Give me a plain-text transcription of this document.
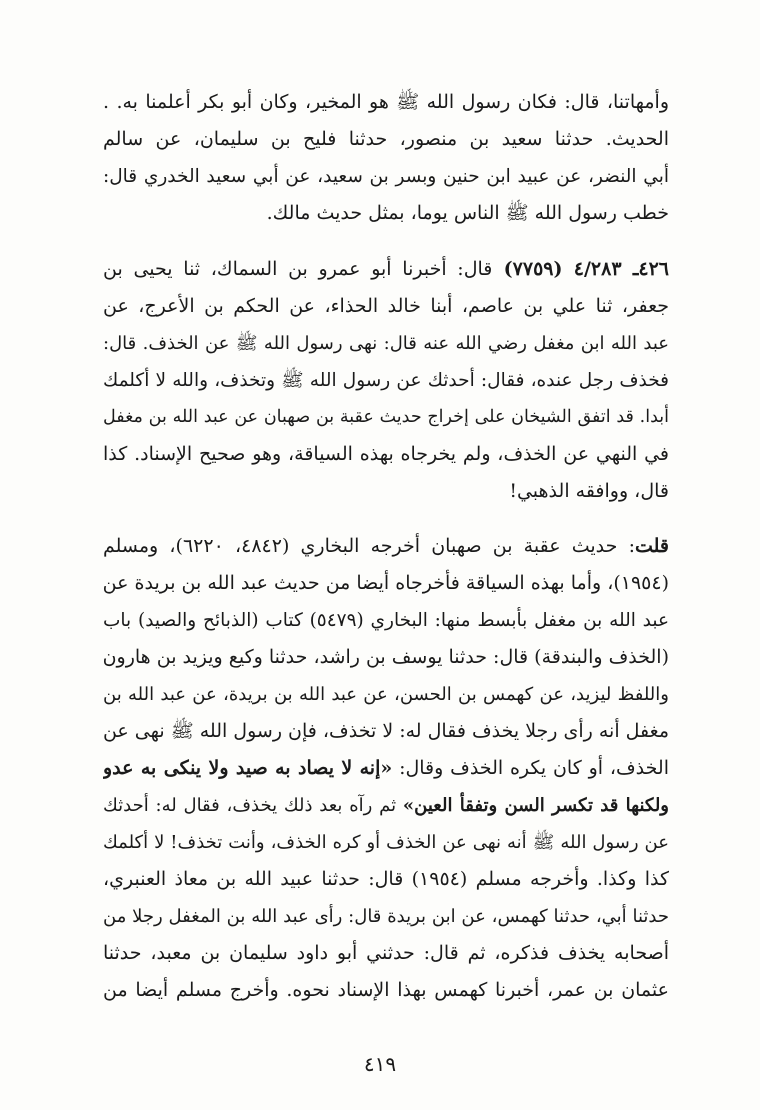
وأمهاتنا، قال: فكان رسول الله ﷺ هو المخير، وكان أبو بكر أعلمنا به. .
الحديث. حدثنا سعيد بن منصور، حدثنا فليح بن سليمان، عن سالم
أبي النضر، عن عبيد ابن حنين وبسر بن سعيد، عن أبي سعيد الخدري قال:
خطب رسول الله ﷺ الناس يوما، بمثل حديث مالك.
٤٢٦ـ ٤/٢٨٣ (٧٧٥٩) قال: أخبرنا أبو عمرو بن السماك، ثنا يحيى بن
جعفر، ثنا علي بن عاصم، أبنا خالد الحذاء، عن الحكم بن الأعرج، عن
عبد الله ابن مغفل رضي الله عنه قال: نهى رسول الله ﷺ عن الخذف. قال:
فخذف رجل عنده، فقال: أحدثك عن رسول الله ﷺ وتخذف، والله لا أكلمك
أبدا. قد اتفق الشيخان على إخراج حديث عقبة بن صهبان عن عبد الله بن مغفل
في النهي عن الخذف، ولم يخرجاه بهذه السياقة، وهو صحيح الإسناد. كذا
قال، ووافقه الذهبي!
قلت: حديث عقبة بن صهبان أخرجه البخاري (٤٨٤٢، ٦٢٢٠)، ومسلم
(١٩٥٤)، وأما بهذه السياقة فأخرجاه أيضا من حديث عبد الله بن بريدة عن
عبد الله بن مغفل بأبسط منها: البخاري (٥٤٧٩) كتاب (الذبائح والصيد) باب
(الخذف والبندقة) قال: حدثنا يوسف بن راشد، حدثنا وكيع ويزيد بن هارون
واللفظ ليزيد، عن كهمس بن الحسن، عن عبد الله بن بريدة، عن عبد الله بن
مغفل أنه رأى رجلا يخذف فقال له: لا تخذف، فإن رسول الله ﷺ نهى عن
الخذف، أو كان يكره الخذف وقال: «إنه لا يصاد به صيد ولا ينكى به عدو
ولكنها قد تكسر السن وتفقأ العين» ثم رآه بعد ذلك يخذف، فقال له: أحدثك
عن رسول الله ﷺ أنه نهى عن الخذف أو كره الخذف، وأنت تخذف! لا أكلمك
كذا وكذا. وأخرجه مسلم (١٩٥٤) قال: حدثنا عبيد الله بن معاذ العنبري،
حدثنا أبي، حدثنا كهمس، عن ابن بريدة قال: رأى عبد الله بن المغفل رجلا من
أصحابه يخذف فذكره، ثم قال: حدثني أبو داود سليمان بن معبد، حدثنا
عثمان بن عمر، أخبرنا كهمس بهذا الإسناد نحوه. وأخرج مسلم أيضا من
٤١٩
